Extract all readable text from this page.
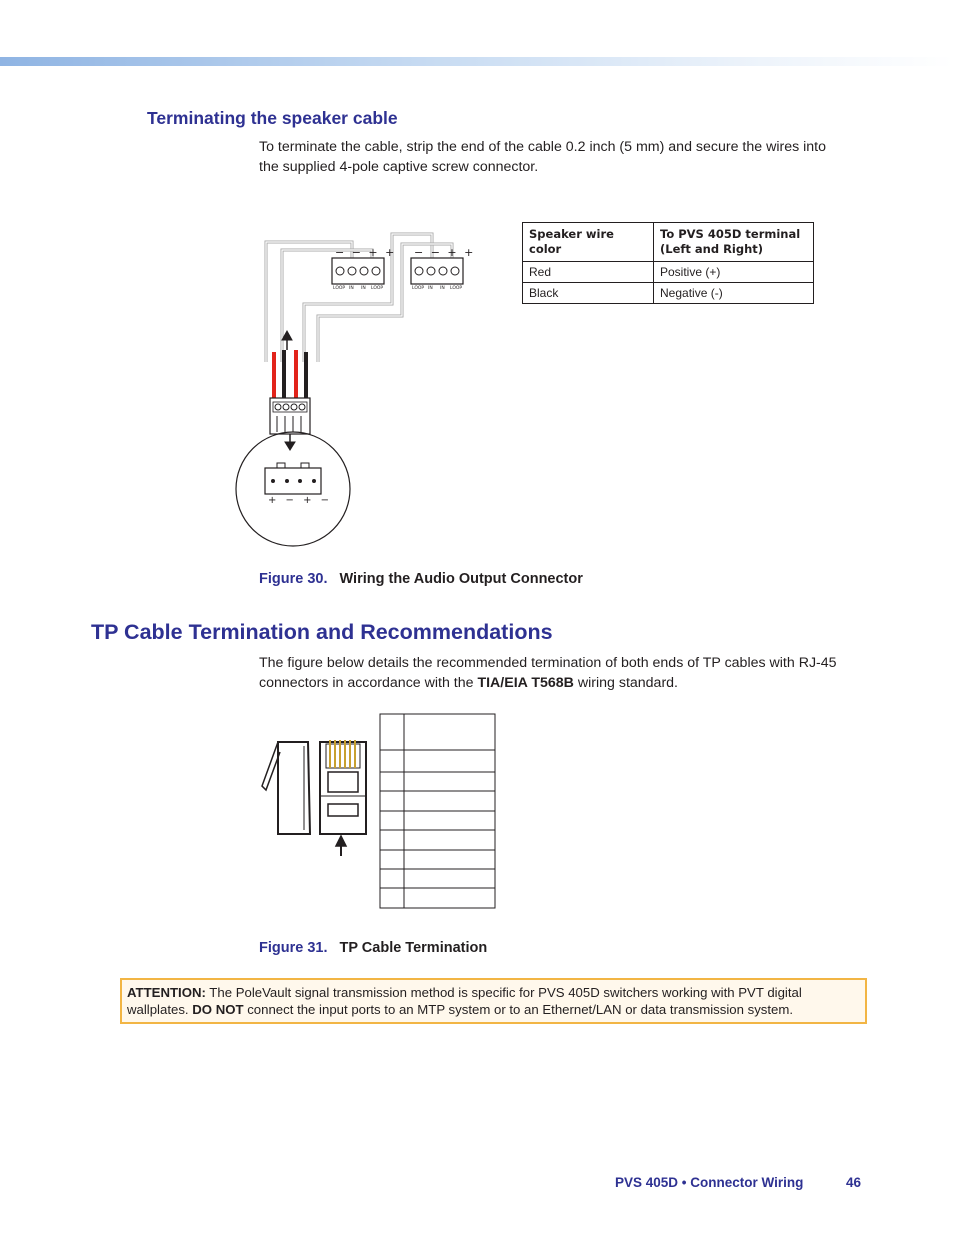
Terminating the speaker cable

To terminate the cable, strip the end of the cable 0.2 inch (5 mm) and secure the wires into the supplied 4-pole captive screw connector.

− − + + − − + +
LOOP IN IN LOOP	LOOP IN IN LOOP
+ − + −
Speaker wire color	To PVS 405D terminal (Left and Right)
Red	Positive (+)
Black	Negative (-)
Figure 30. Wiring the Audio Output Connector
TP Cable Termination and Recommendations

The figure below details the recommended termination of both ends of TP cables with RJ-45 connectors in accordance with the TIA/EIA T568B wiring standard.

Figure 31. TP Cable Termination
ATTENTION: The PoleVault signal transmission method is specific for PVS 405D switchers working with PVT digital wallplates. DO NOT connect the input ports to an MTP system or to an Ethernet/LAN or data transmission system.
PVS 405D • Connector Wiring	46
